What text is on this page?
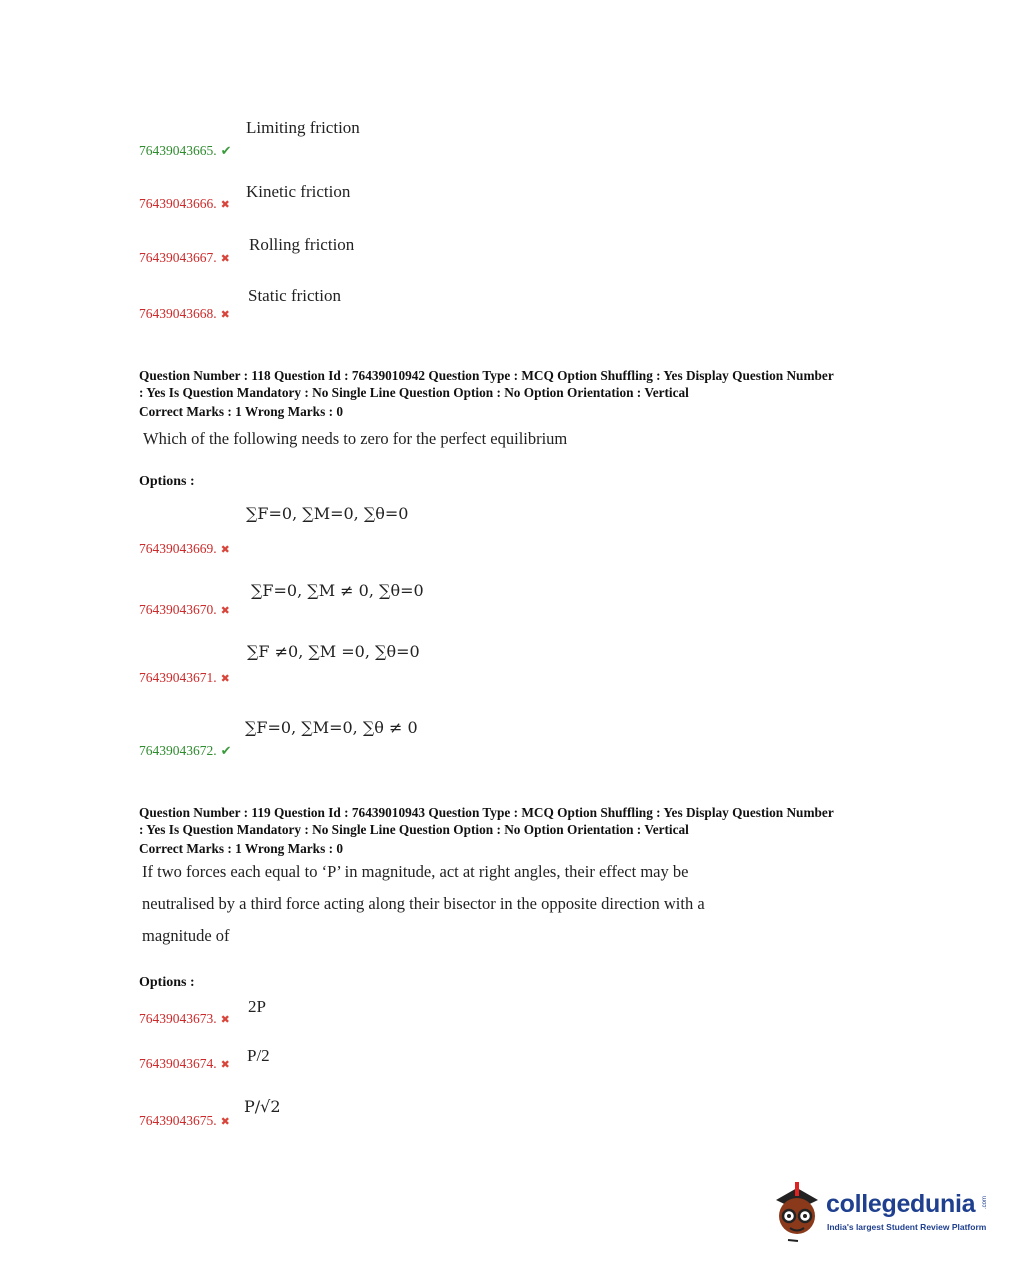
Limiting friction
76439043665. ✔
Kinetic friction
76439043666. ✖
Rolling friction
76439043667. ✖
Static friction
76439043668. ✖
Question Number : 118 Question Id : 76439010942 Question Type : MCQ Option Shuffling : Yes Display Question Number
: Yes Is Question Mandatory : No Single Line Question Option : No Option Orientation : Vertical
Correct Marks : 1 Wrong Marks : 0
Which of the following needs to zero for the perfect equilibrium
Options :
∑F=0, ∑M=0, ∑θ=0
76439043669. ✖
∑F=0, ∑M ≠ 0, ∑θ=0
76439043670. ✖
∑F ≠0, ∑M =0, ∑θ=0
76439043671. ✖
∑F=0, ∑M=0, ∑θ ≠ 0
76439043672. ✔
Question Number : 119 Question Id : 76439010943 Question Type : MCQ Option Shuffling : Yes Display Question Number
: Yes Is Question Mandatory : No Single Line Question Option : No Option Orientation : Vertical
Correct Marks : 1 Wrong Marks : 0
If two forces each equal to ‘P’ in magnitude, act at right angles, their effect may be
neutralised by a third force acting along their bisector in the opposite direction with a
magnitude of
Options :
2P
76439043673. ✖
P/2
76439043674. ✖
P/√2
76439043675. ✖
collegedunia .com
India's largest Student Review Platform
